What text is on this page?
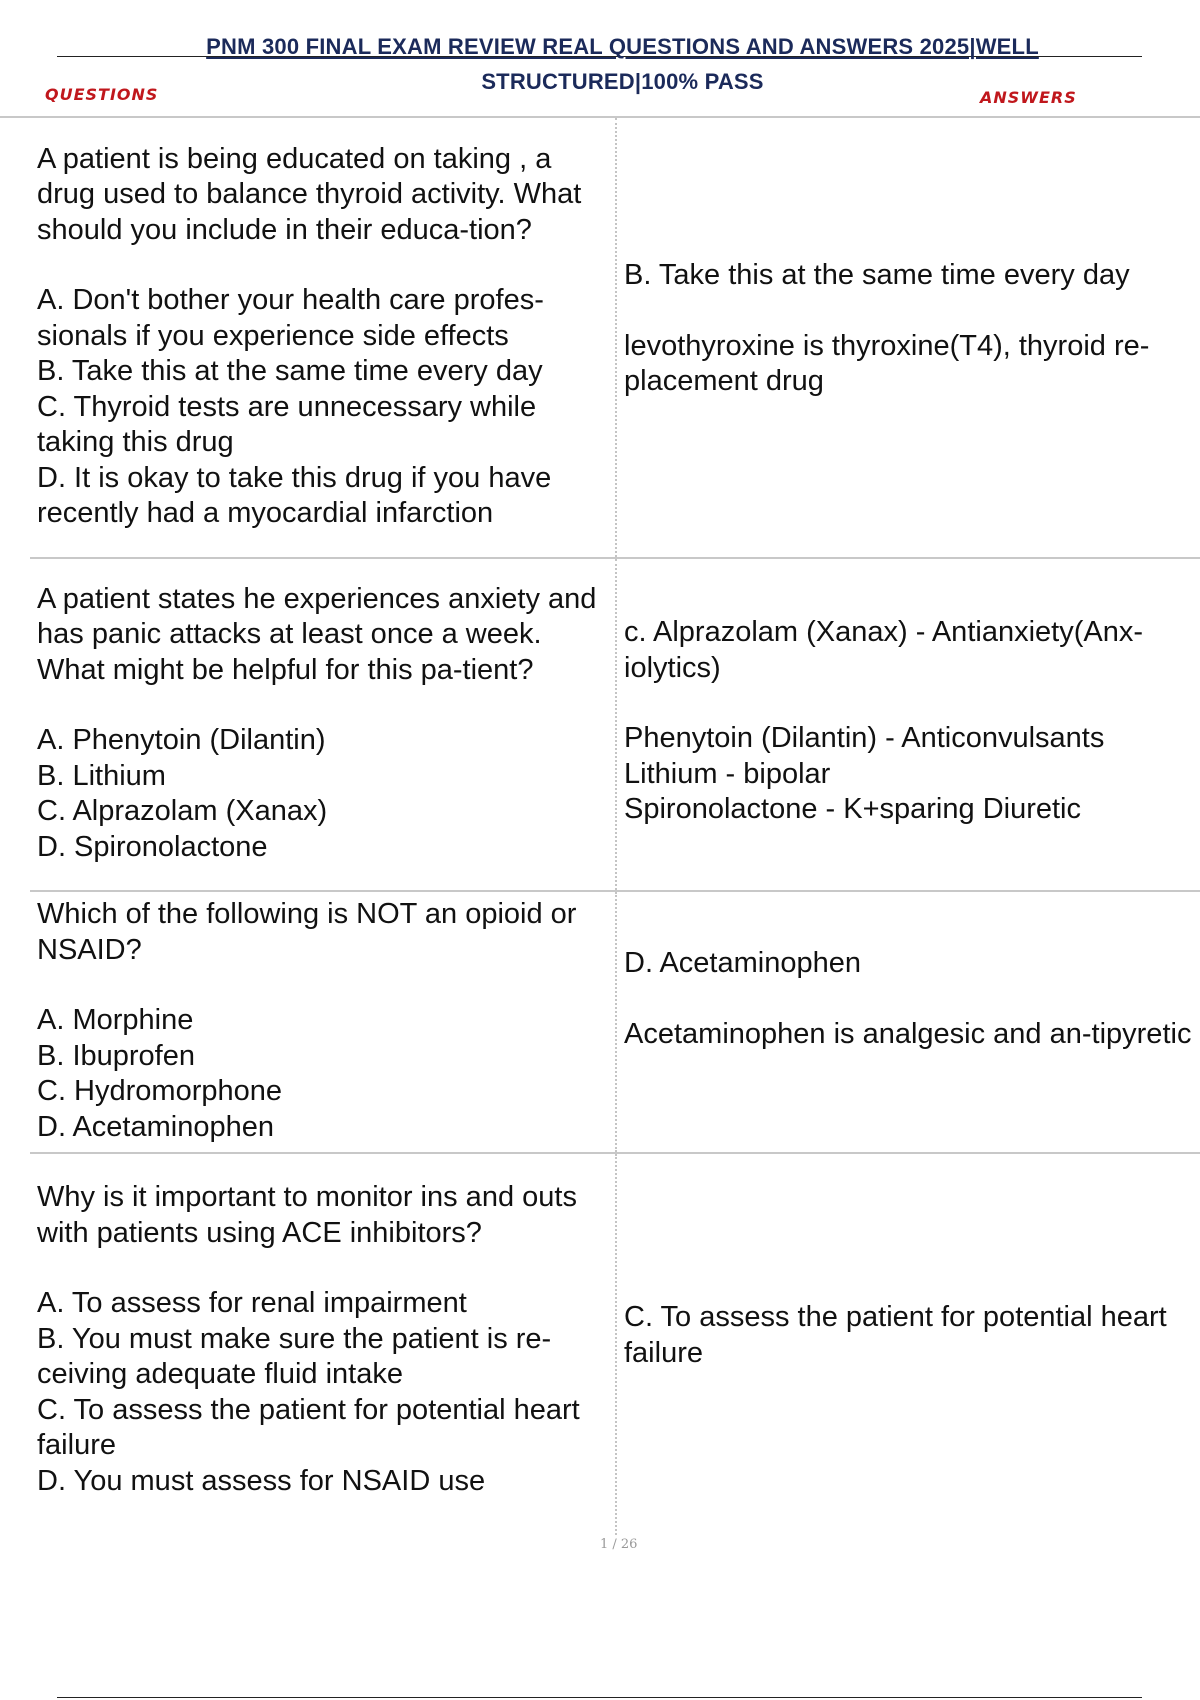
PNM 300 FINAL EXAM REVIEW REAL QUESTIONS AND ANSWERS 2025|WELL
STRUCTURED|100% PASS
QUESTIONS	ANSWERS
A patient is being educated on taking , a drug used to balance thyroid activity. What should you include in their educa-tion?
A. Don't bother your health care profes-sionals if you experience side effects
B. Take this at the same time every day
C. Thyroid tests are unnecessary while taking this drug
D. It is okay to take this drug if you have recently had a myocardial infarction	B. Take this at the same time every day
levothyroxine is thyroxine(T4), thyroid re-placement drug

A patient states he experiences anxiety and has panic attacks at least once a week. What might be helpful for this pa-tient?
A. Phenytoin (Dilantin)
B. Lithium
C. Alprazolam (Xanax)
D. Spironolactone	c. Alprazolam (Xanax) - Antianxiety(Anx-iolytics)
Phenytoin (Dilantin) - Anticonvulsants
Lithium - bipolar
Spironolactone - K+sparing Diuretic

Which of the following is NOT an opioid or NSAID?
A. Morphine
B. Ibuprofen
C. Hydromorphone
D. Acetaminophen	D. Acetaminophen
Acetaminophen is analgesic and an-tipyretic

Why is it important to monitor ins and outs with patients using ACE inhibitors?
A. To assess for renal impairment
B. You must make sure the patient is re-ceiving adequate fluid intake
C. To assess the patient for potential heart failure
D. You must assess for NSAID use	C. To assess the patient for potential heart failure
1 / 26
